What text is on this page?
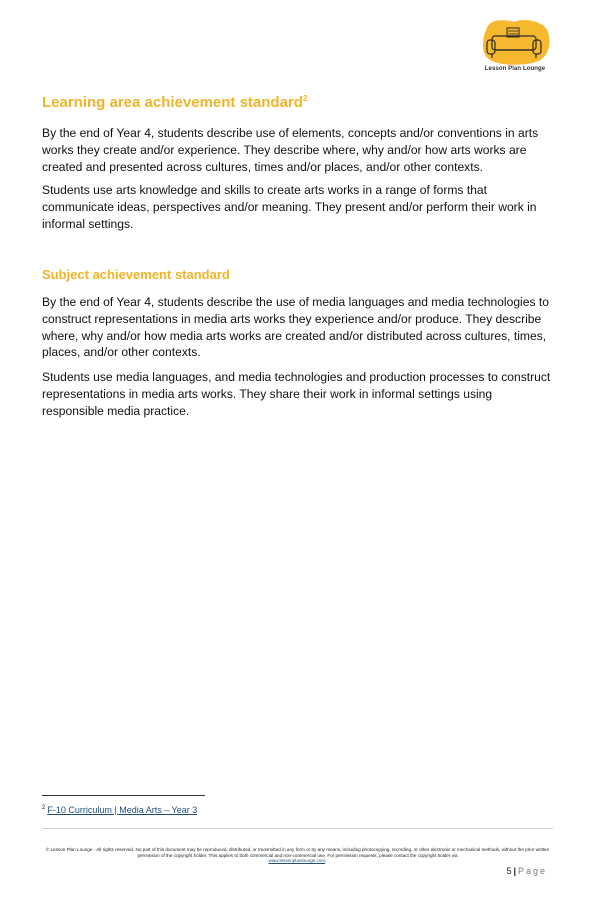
Lesson Plan Lounge
Learning area achievement standard$^2$

By the end of Year 4, students describe use of elements, concepts and/or conventions in arts works they create and/or experience. They describe where, why and/or how arts works are created and presented across cultures, times and/or places, and/or other contexts.

Students use arts knowledge and skills to create arts works in a range of forms that communicate ideas, perspectives and/or meaning. They present and/or perform their work in informal settings.

Subject achievement standard

By the end of Year 4, students describe the use of media languages and media technologies to construct representations in media arts works they experience and/or produce. They describe where, why and/or how media arts works are created and/or distributed across cultures, times, places, and/or other contexts.

Students use media languages, and media technologies and production processes to construct representations in media arts works. They share their work in informal settings using responsible media practice.

$^2$ F-10 Curriculum | Media Arts – Year 3
© Lesson Plan Lounge - All rights reserved. No part of this document may be reproduced, distributed, or transmitted in any form or by any means, including photocopying, recording, or other electronic or mechanical methods, without the prior written permission of the copyright holder. This applies to both commercial and non-commercial use. For permission requests, please contact the copyright holder via
www.lessonplanlounge.com.
5 | Page
